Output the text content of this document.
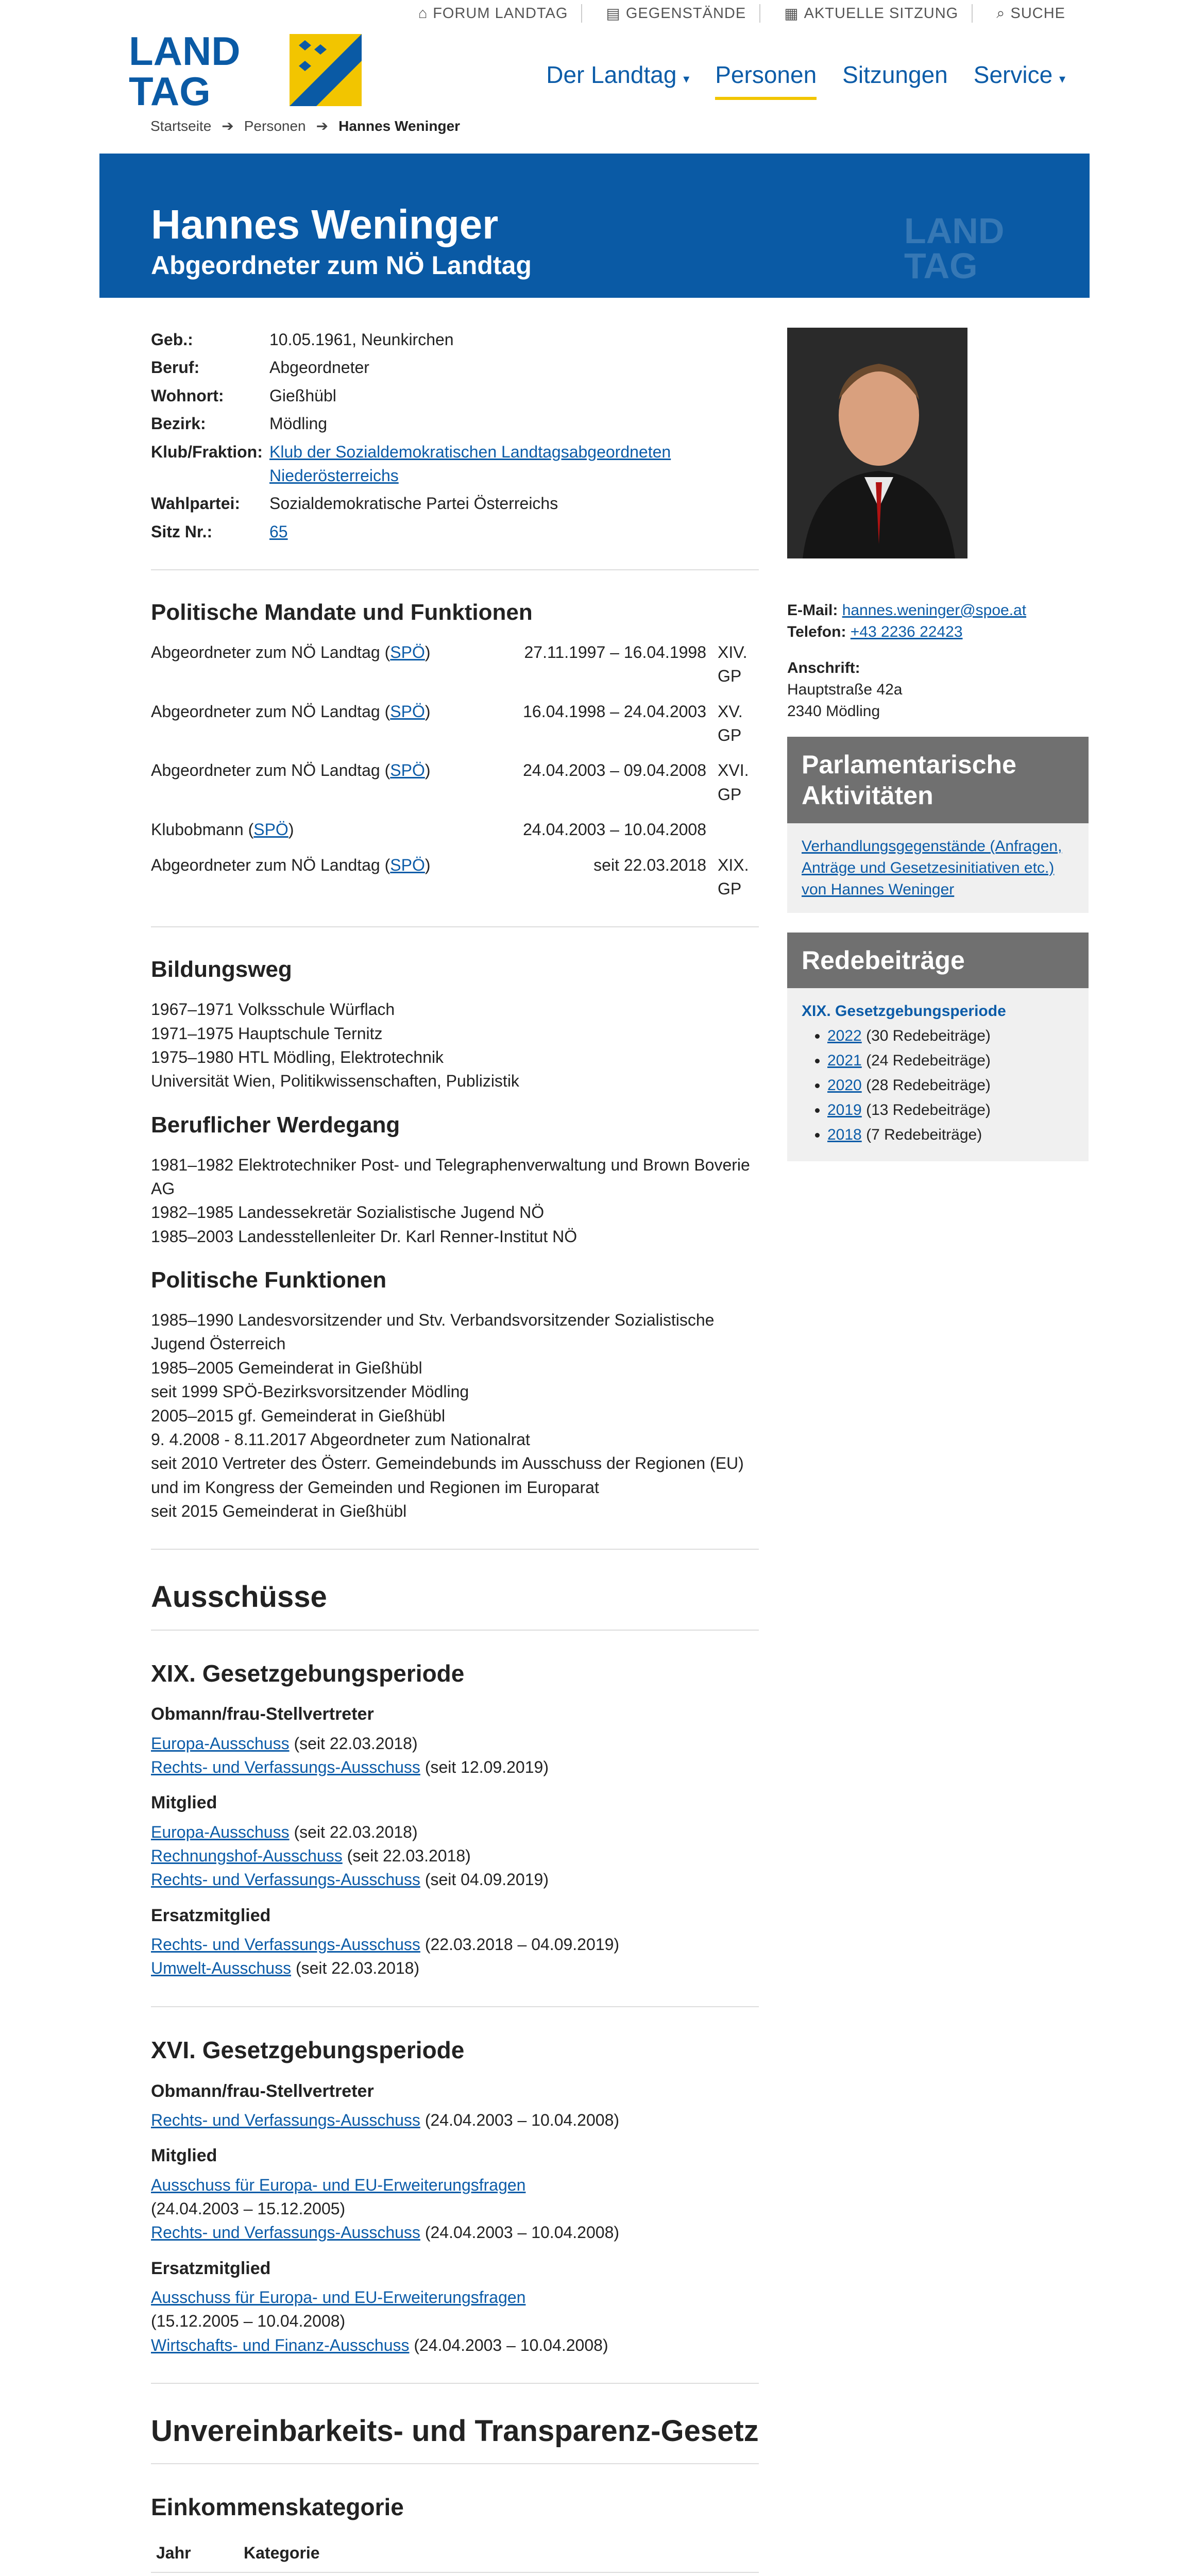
LAND
TAG
⌂ FORUM LANDTAG	▤ GEGENSTÄNDE	▦ AKTUELLE SITZUNG	⌕ SUCHE
Der Landtag ▾ Personen Sitzungen Service ▾
Startseite ➔ Personen ➔ Hannes Weninger
Hannes Weninger
Abgeordneter zum NÖ Landtag
LAND
TAG
Geb.:	10.05.1961, Neunkirchen
Beruf:	Abgeordneter
Wohnort:	Gießhübl
Bezirk:	Mödling
Klub/Fraktion: Klub der Sozialdemokratischen Landtagsabgeordneten Niederösterreichs
Wahlpartei:	Sozialdemokratische Partei Österreichs
Sitz Nr.:	65
Politische Mandate und Funktionen
Abgeordneter zum NÖ Landtag (SPÖ)	27.11.1997 – 16.04.1998 XIV. GP
Abgeordneter zum NÖ Landtag (SPÖ)	16.04.1998 – 24.04.2003 XV. GP
Abgeordneter zum NÖ Landtag (SPÖ)	24.04.2003 – 09.04.2008 XVI. GP
Klubobmann (SPÖ)	24.04.2003 – 10.04.2008
Abgeordneter zum NÖ Landtag (SPÖ)	seit 22.03.2018 XIX. GP
Bildungsweg
1967–1971 Volksschule Würflach
1971–1975 Hauptschule Ternitz
1975–1980 HTL Mödling, Elektrotechnik
Universität Wien, Politikwissenschaften, Publizistik
Beruflicher Werdegang
1981–1982 Elektrotechniker Post- und Telegraphenverwaltung und Brown Boverie AG
1982–1985 Landessekretär Sozialistische Jugend NÖ
1985–2003 Landesstellenleiter Dr. Karl Renner-Institut NÖ
Politische Funktionen
1985–1990 Landesvorsitzender und Stv. Verbandsvorsitzender Sozialistische Jugend Österreich
1985–2005 Gemeinderat in Gießhübl
seit 1999 SPÖ-Bezirksvorsitzender Mödling
2005–2015 gf. Gemeinderat in Gießhübl
9. 4.2008 - 8.11.2017 Abgeordneter zum Nationalrat
seit 2010 Vertreter des Österr. Gemeindebunds im Ausschuss der Regionen (EU) und im Kongress der Gemeinden und Regionen im Europarat
seit 2015 Gemeinderat in Gießhübl
Ausschüsse
XIX. Gesetzgebungsperiode
Obmann/frau-Stellvertreter
Europa-Ausschuss (seit 22.03.2018)
Rechts- und Verfassungs-Ausschuss (seit 12.09.2019)
Mitglied
Europa-Ausschuss (seit 22.03.2018)
Rechnungshof-Ausschuss (seit 22.03.2018)
Rechts- und Verfassungs-Ausschuss (seit 04.09.2019)
Ersatzmitglied
Rechts- und Verfassungs-Ausschuss (22.03.2018 – 04.09.2019)
Umwelt-Ausschuss (seit 22.03.2018)
XVI. Gesetzgebungsperiode
Obmann/frau-Stellvertreter
Rechts- und Verfassungs-Ausschuss (24.04.2003 – 10.04.2008)
Mitglied
Ausschuss für Europa- und EU-Erweiterungsfragen
(24.04.2003 – 15.12.2005)
Rechts- und Verfassungs-Ausschuss (24.04.2003 – 10.04.2008)
Ersatzmitglied
Ausschuss für Europa- und EU-Erweiterungsfragen
(15.12.2005 – 10.04.2008)
Wirtschafts- und Finanz-Ausschuss (24.04.2003 – 10.04.2008)
Unvereinbarkeits- und Transparenz-Gesetz
Einkommenskategorie
Jahr	Kategorie

E-Mail: hannes.weninger@spoe.at
Telefon: +43 2236 22423
Anschrift:
Hauptstraße 42a
2340 Mödling
Parlamentarische Aktivitäten
Verhandlungsgegenstände (Anfragen, Anträge und Gesetzesinitiativen etc.) von Hannes Weninger
Redebeiträge
XIX. Gesetzgebungsperiode
• 2022 (30 Redebeiträge)
• 2021 (24 Redebeiträge)
• 2020 (28 Redebeiträge)
• 2019 (13 Redebeiträge)
• 2018 (7 Redebeiträge)
